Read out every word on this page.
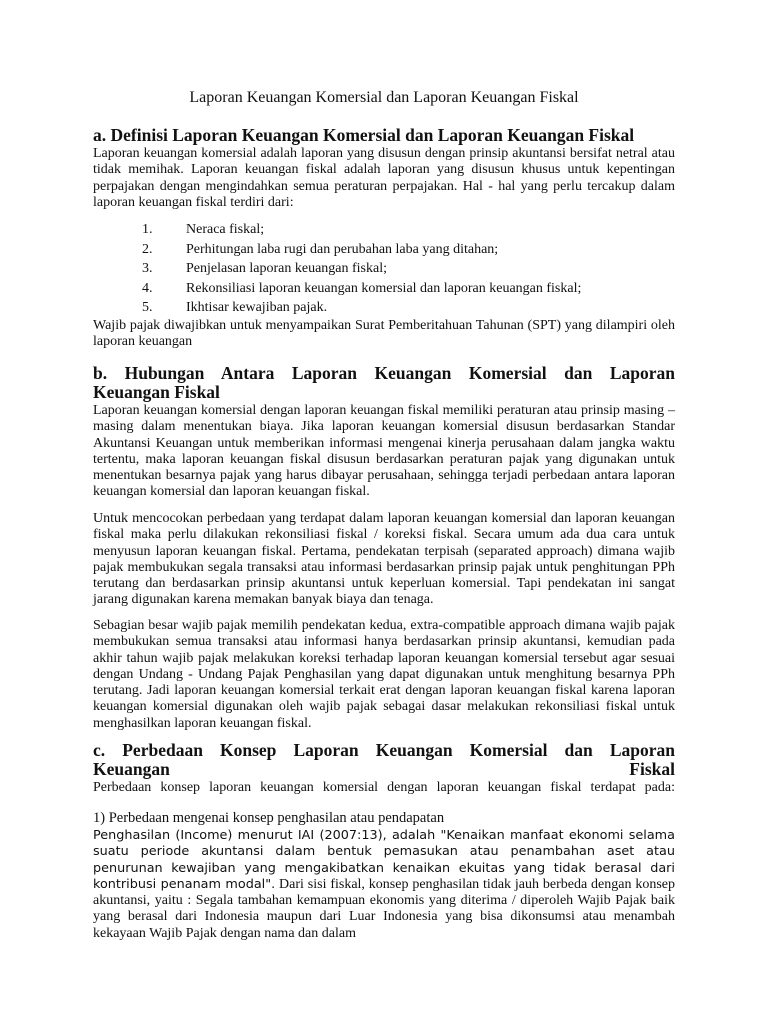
Laporan Keuangan Komersial dan Laporan Keuangan Fiskal
a. Definisi Laporan Keuangan Komersial dan Laporan Keuangan Fiskal
Laporan keuangan komersial adalah laporan yang disusun dengan prinsip akuntansi bersifat netral atau tidak memihak. Laporan keuangan fiskal adalah laporan yang disusun khusus untuk kepentingan perpajakan dengan mengindahkan semua peraturan perpajakan. Hal - hal yang perlu tercakup dalam laporan keuangan fiskal terdiri dari:
1. Neraca fiskal;
2. Perhitungan laba rugi dan perubahan laba yang ditahan;
3. Penjelasan laporan keuangan fiskal;
4. Rekonsiliasi laporan keuangan komersial dan laporan keuangan fiskal;
5. Ikhtisar kewajiban pajak.
Wajib pajak diwajibkan untuk menyampaikan Surat Pemberitahuan Tahunan (SPT) yang dilampiri oleh laporan keuangan
b. Hubungan Antara Laporan Keuangan Komersial dan Laporan
Keuangan Fiskal
Laporan keuangan komersial dengan laporan keuangan fiskal memiliki peraturan atau prinsip masing – masing dalam menentukan biaya. Jika laporan keuangan komersial disusun berdasarkan Standar Akuntansi Keuangan untuk memberikan informasi mengenai kinerja perusahaan dalam jangka waktu tertentu, maka laporan keuangan fiskal disusun berdasarkan peraturan pajak yang digunakan untuk menentukan besarnya pajak yang harus dibayar perusahaan, sehingga terjadi perbedaan antara laporan keuangan komersial dan laporan keuangan fiskal.
Untuk mencocokan perbedaan yang terdapat dalam laporan keuangan komersial dan laporan keuangan fiskal maka perlu dilakukan rekonsiliasi fiskal / koreksi fiskal. Secara umum ada dua cara untuk menyusun laporan keuangan fiskal. Pertama, pendekatan terpisah (separated approach) dimana wajib pajak membukukan segala transaksi atau informasi berdasarkan prinsip pajak untuk penghitungan PPh terutang dan berdasarkan prinsip akuntansi untuk keperluan komersial. Tapi pendekatan ini sangat jarang digunakan karena memakan banyak biaya dan tenaga.
Sebagian besar wajib pajak memilih pendekatan kedua, extra-compatible approach dimana wajib pajak membukukan semua transaksi atau informasi hanya berdasarkan prinsip akuntansi, kemudian pada akhir tahun wajib pajak melakukan koreksi terhadap laporan keuangan komersial tersebut agar sesuai dengan Undang - Undang Pajak Penghasilan yang dapat digunakan untuk menghitung besarnya PPh terutang. Jadi laporan keuangan komersial terkait erat dengan laporan keuangan fiskal karena laporan keuangan komersial digunakan oleh wajib pajak sebagai dasar melakukan rekonsiliasi fiskal untuk menghasilkan laporan keuangan fiskal.
c. Perbedaan Konsep Laporan Keuangan Komersial dan Laporan
Keuangan	Fiskal
Perbedaan konsep laporan keuangan komersial dengan laporan keuangan fiskal terdapat pada:
1) Perbedaan mengenai konsep penghasilan atau pendapatan
Penghasilan (Income) menurut IAI (2007:13), adalah "Kenaikan manfaat ekonomi selama suatu periode akuntansi dalam bentuk pemasukan atau penambahan aset atau penurunan kewajiban yang mengakibatkan kenaikan ekuitas yang tidak berasal dari kontribusi penanam modal". Dari sisi fiskal, konsep penghasilan tidak jauh berbeda dengan konsep akuntansi, yaitu : Segala tambahan kemampuan ekonomis yang diterima / diperoleh Wajib Pajak baik yang berasal dari Indonesia maupun dari Luar Indonesia yang bisa dikonsumsi atau menambah kekayaan Wajib Pajak dengan nama dan dalam
